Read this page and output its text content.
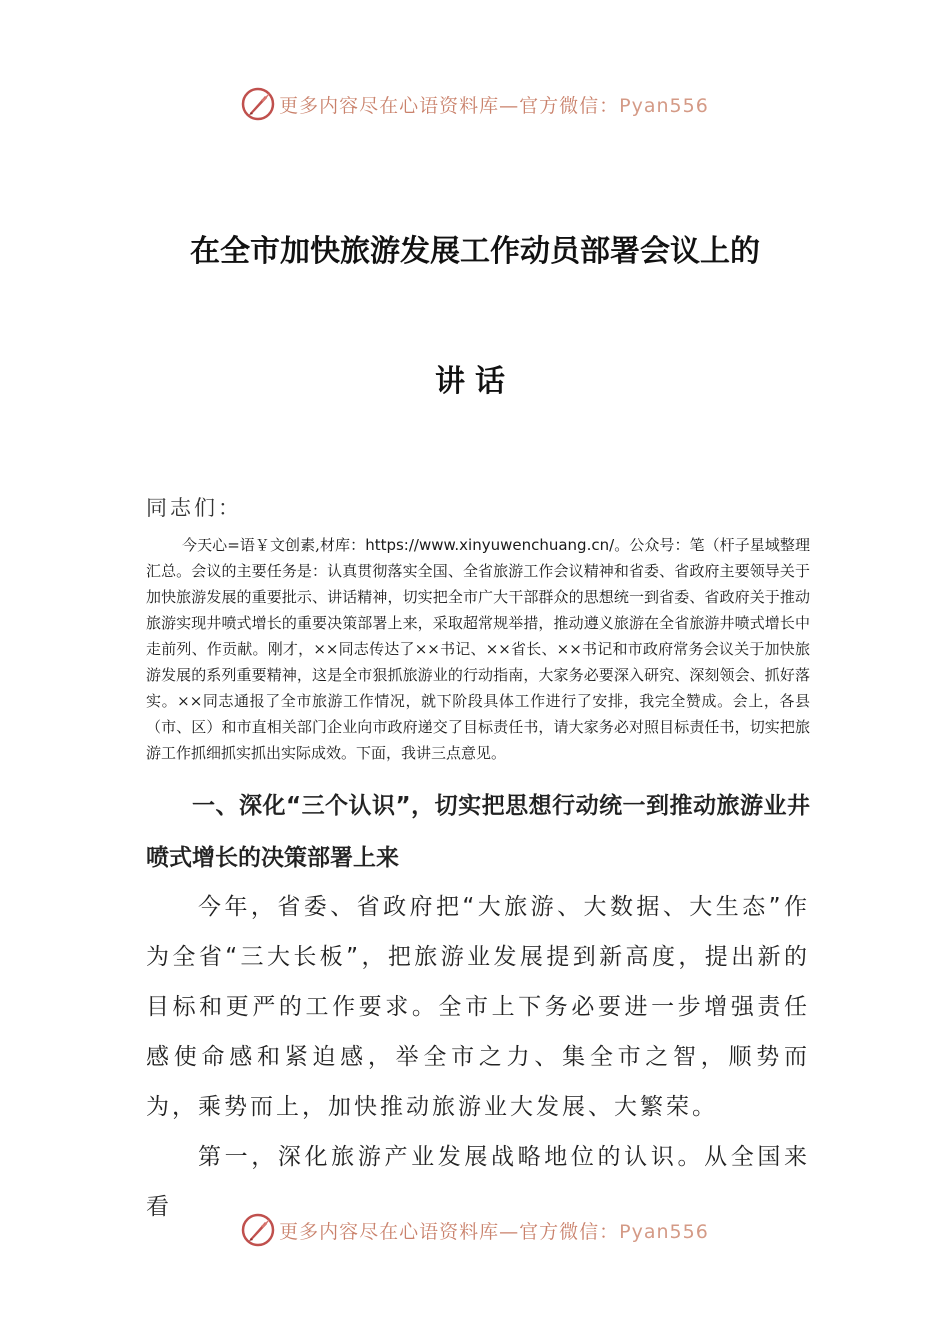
更多内容尽在心语资料库—官方微信：Pyan556
在全市加快旅游发展工作动员部署会议上的
讲话
同志们：
今天心=语￥文创素,材库：https://www.xinyuwenchuang.cn/。公众号：笔（杆子星域整理汇总。会议的主要任务是：认真贯彻落实全国、全省旅游工作会议精神和省委、省政府主要领导关于加快旅游发展的重要批示、讲话精神，切实把全市广大干部群众的思想统一到省委、省政府关于推动旅游实现井喷式增长的重要决策部署上来，采取超常规举措，推动遵义旅游在全省旅游井喷式增长中走前列、作贡献。刚才，××同志传达了××书记、××省长、××书记和市政府常务会议关于加快旅游发展的系列重要精神，这是全市狠抓旅游业的行动指南，大家务必要深入研究、深刻领会、抓好落实。××同志通报了全市旅游工作情况，就下阶段具体工作进行了安排，我完全赞成。会上，各县（市、区）和市直相关部门企业向市政府递交了目标责任书，请大家务必对照目标责任书，切实把旅游工作抓细抓实抓出实际成效。下面，我讲三点意见。
一、深化“三个认识”，切实把思想行动统一到推动旅游业井喷式增长的决策部署上来
今年，省委、省政府把“大旅游、大数据、大生态”作为全省“三大长板”，把旅游业发展提到新高度，提出新的目标和更严的工作要求。全市上下务必要进一步增强责任感使命感和紧迫感，举全市之力、集全市之智，顺势而为，乘势而上，加快推动旅游业大发展、大繁荣。
第一，深化旅游产业发展战略地位的认识。从全国来看
更多内容尽在心语资料库—官方微信：Pyan556
